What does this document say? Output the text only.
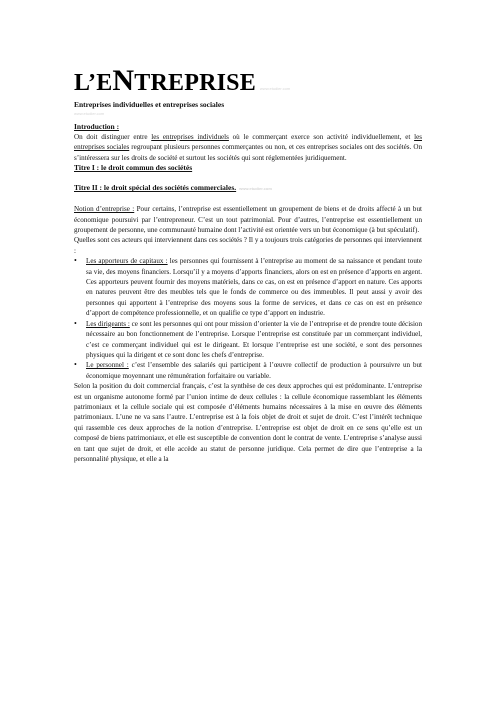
L’ENTREPRISE www.etudier.com
Entreprises individuelles et entreprises sociales
www.etudier.com
Introduction :

On doit distinguer entre les entreprises individuels où le commerçant exerce son activité individuellement, et les entreprises sociales regroupant plusieurs personnes commerçantes ou non, et ces entreprises sociales ont des sociétés. On s’intéressera sur les droits de société et surtout les sociétés qui sont réglementées juridiquement.

Titre I : le droit commun des sociétés
Titre II : le droit spécial des sociétés commerciales. www.etudier.com

Notion d’entreprise : Pour certains, l’entreprise est essentiellement un groupement de biens et de droits affecté à un but économique poursuivi par l’entrepreneur. C’est un tout patrimonial. Pour d’autres, l’entreprise est essentiellement un groupement de personne, une communauté humaine dont l’activité est orientée vers un but économique (à but spéculatif).

Quelles sont ces acteurs qui interviennent dans ces sociétés ? Il y a toujours trois catégories de personnes qui interviennent :

•	Les apporteurs de capitaux : les personnes qui fournissent à l’entreprise au moment de sa naissance et pendant toute sa vie, des moyens financiers. Lorsqu’il y a moyens d’apports financiers, alors on est en présence d’apports en argent. Ces apporteurs peuvent fournir des moyens matériels, dans ce cas, on est en présence d’apport en nature. Ces apports en natures peuvent être des meubles tels que le fonds de commerce ou des immeubles. Il peut aussi y avoir des personnes qui apportent à l’entreprise des moyens sous la forme de services, et dans ce cas on est en présence d’apport de compétence professionnelle, et on qualifie ce type d’apport en industrie.

•	Les dirigeants : ce sont les personnes qui ont pour mission d’orienter la vie de l’entreprise et de prendre toute décision nécessaire au bon fonctionnement de l’entreprise. Lorsque l’entreprise est constituée par un commerçant individuel, c’est ce commerçant individuel qui est le dirigeant. Et lorsque l’entreprise est une société, e sont des personnes physiques qui la dirigent et ce sont donc les chefs d’entreprise.

•	Le personnel : c’est l’ensemble des salariés qui participent à l’œuvre collectif de production à poursuivre un but économique moyennant une rémunération forfaitaire ou variable.

Selon la position du doit commercial français, c’est la synthèse de ces deux approches qui est prédominante. L’entreprise est un organisme autonome formé par l’union intime de deux cellules : la cellule économique rassemblant les éléments patrimoniaux et la cellule sociale qui est composée d’éléments humains nécessaires à la mise en œuvre des éléments patrimoniaux. L’une ne va sans l’autre. L’entreprise est à la fois objet de droit et sujet de droit. C’est l’intérêt technique qui rassemble ces deux approches de la notion d’entreprise. L’entreprise est objet de droit en ce sens qu’elle est un composé de biens patrimoniaux, et elle est susceptible de convention dont le contrat de vente. L’entreprise s’analyse aussi en tant que sujet de droit, et elle accède au statut de personne juridique. Cela permet de dire que l’entreprise a la personnalité physique, et elle a la
